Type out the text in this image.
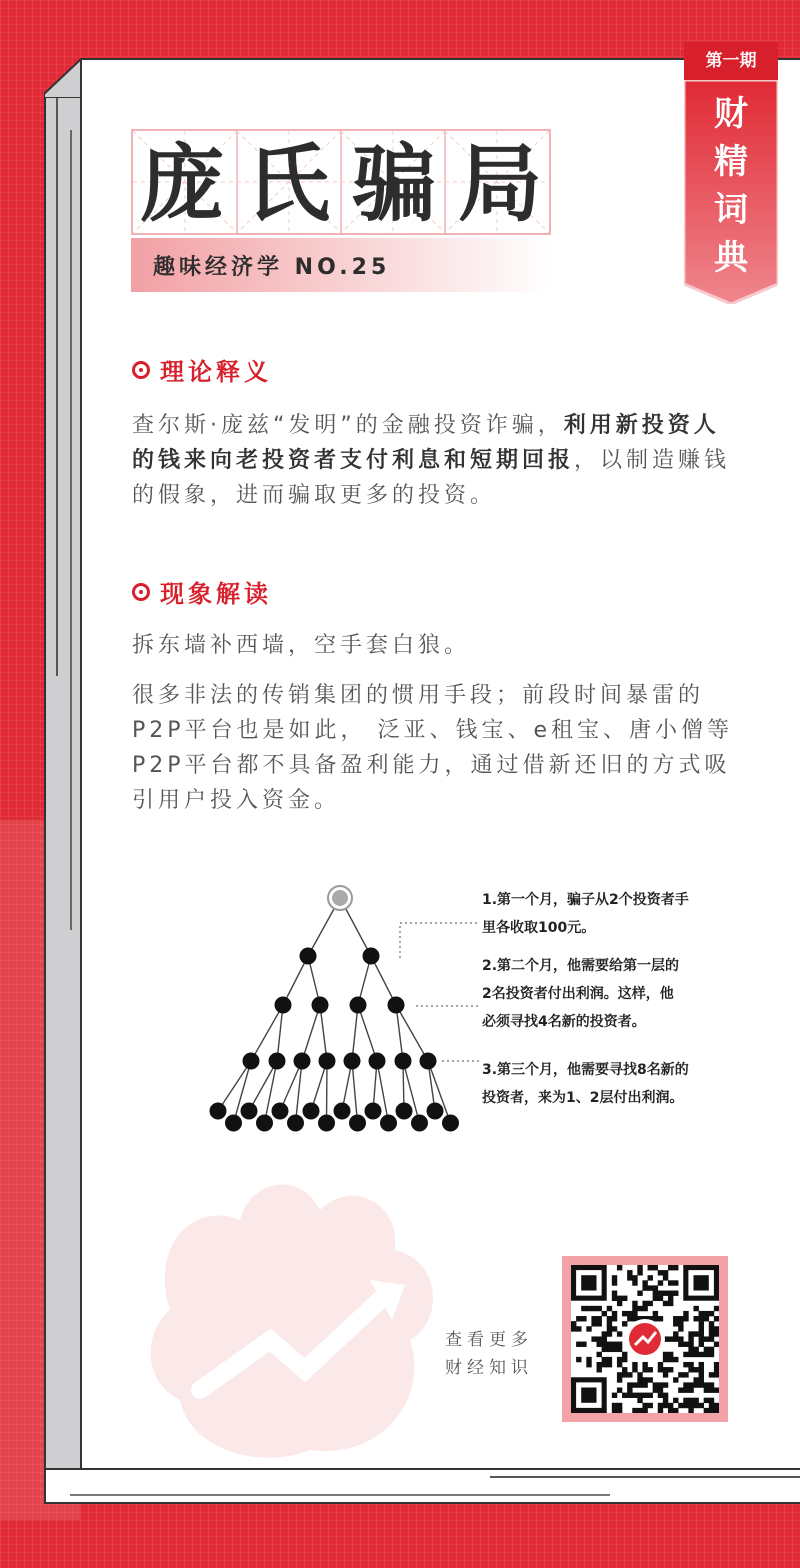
第一期
财精词典
庞氏骗局
趣味经济学 NO.25
理论释义
查尔斯·庞兹“发明”的金融投资诈骗，利用新投资人的钱来向老投资者支付利息和短期回报，以制造赚钱的假象，进而骗取更多的投资。
现象解读
拆东墙补西墙，空手套白狼。
很多非法的传销集团的惯用手段；前段时间暴雷的P2P平台也是如此， 泛亚、钱宝、e租宝、唐小僧等P2P平台都不具备盈利能力，通过借新还旧的方式吸引用户投入资金。
1.第一个月，骗子从2个投资者手
里各收取100元。
2.第二个月，他需要给第一层的
2名投资者付出利润。这样，他
必须寻找4名新的投资者。
3.第三个月，他需要寻找8名新的
投资者，来为1、2层付出利润。
查看更多
财经知识
